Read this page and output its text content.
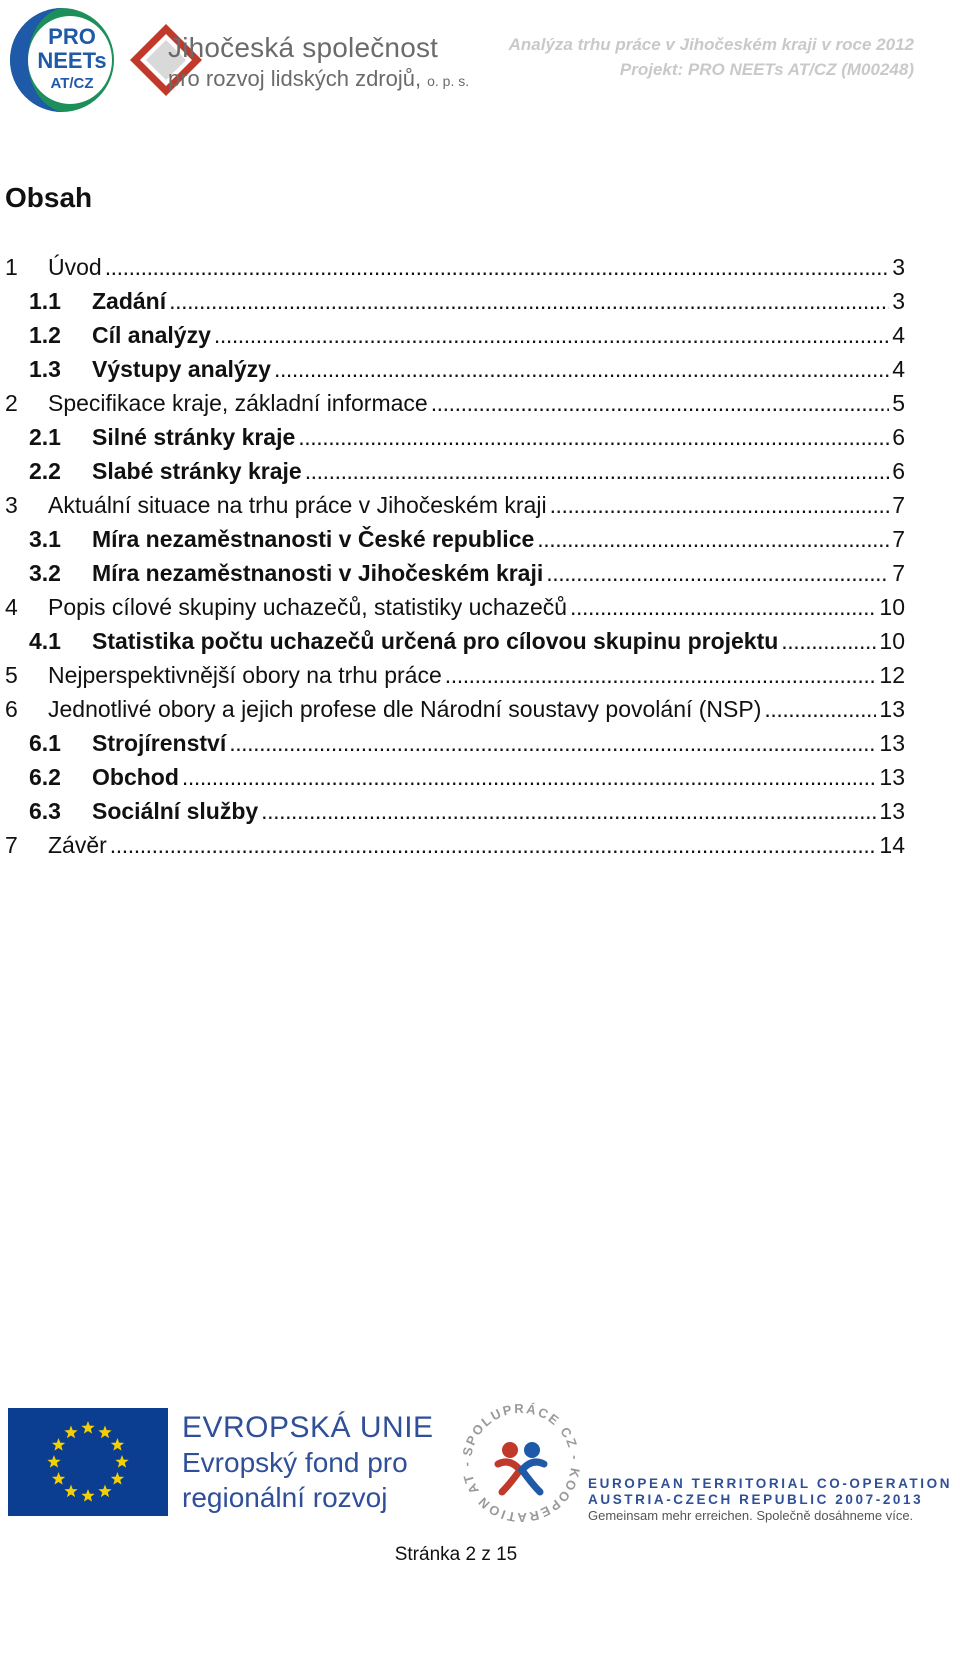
PRO
NEETs
AT/CZ
Jihočeská společnost
pro rozvoj lidských zdrojů, o. p. s.
Analýza trhu práce v Jihočeském kraji v roce 2012
Projekt: PRO NEETs AT/CZ (M00248)
Obsah
1	Úvod . . .	3
1.1	Zadání . . .	3
1.2	Cíl analýzy . . .	4
1.3	Výstupy analýzy . . .	4
2	Specifikace kraje, základní informace . . .	5
2.1	Silné stránky kraje . . .	6
2.2	Slabé stránky kraje . . .	6
3	Aktuální situace na trhu práce v Jihočeském kraji . . .	7
3.1	Míra nezaměstnanosti v České republice . . .	7
3.2	Míra nezaměstnanosti v Jihočeském kraji . . .	7
4	Popis cílové skupiny uchazečů, statistiky uchazečů . . .	10
4.1	Statistika počtu uchazečů určená pro cílovou skupinu projektu . . .	10
5	Nejperspektivnější obory na trhu práce . . .	12
6	Jednotlivé obory a jejich profese dle Národní soustavy povolání (NSP) . . .	13
6.1	Strojírenství . . .	13
6.2	Obchod . . .	13
6.3	Sociální služby . . .	13
7	Závěr . . .	14
EVROPSKÁ UNIE
Evropský fond pro
regionální rozvoj
SPOLUPRÁCE CZ - KOOPERATION AT -
EUROPEAN TERRITORIAL CO-OPERATION
AUSTRIA-CZECH REPUBLIC 2007-2013
Gemeinsam mehr erreichen. Společně dosáhneme více.
Stránka 2 z 15
